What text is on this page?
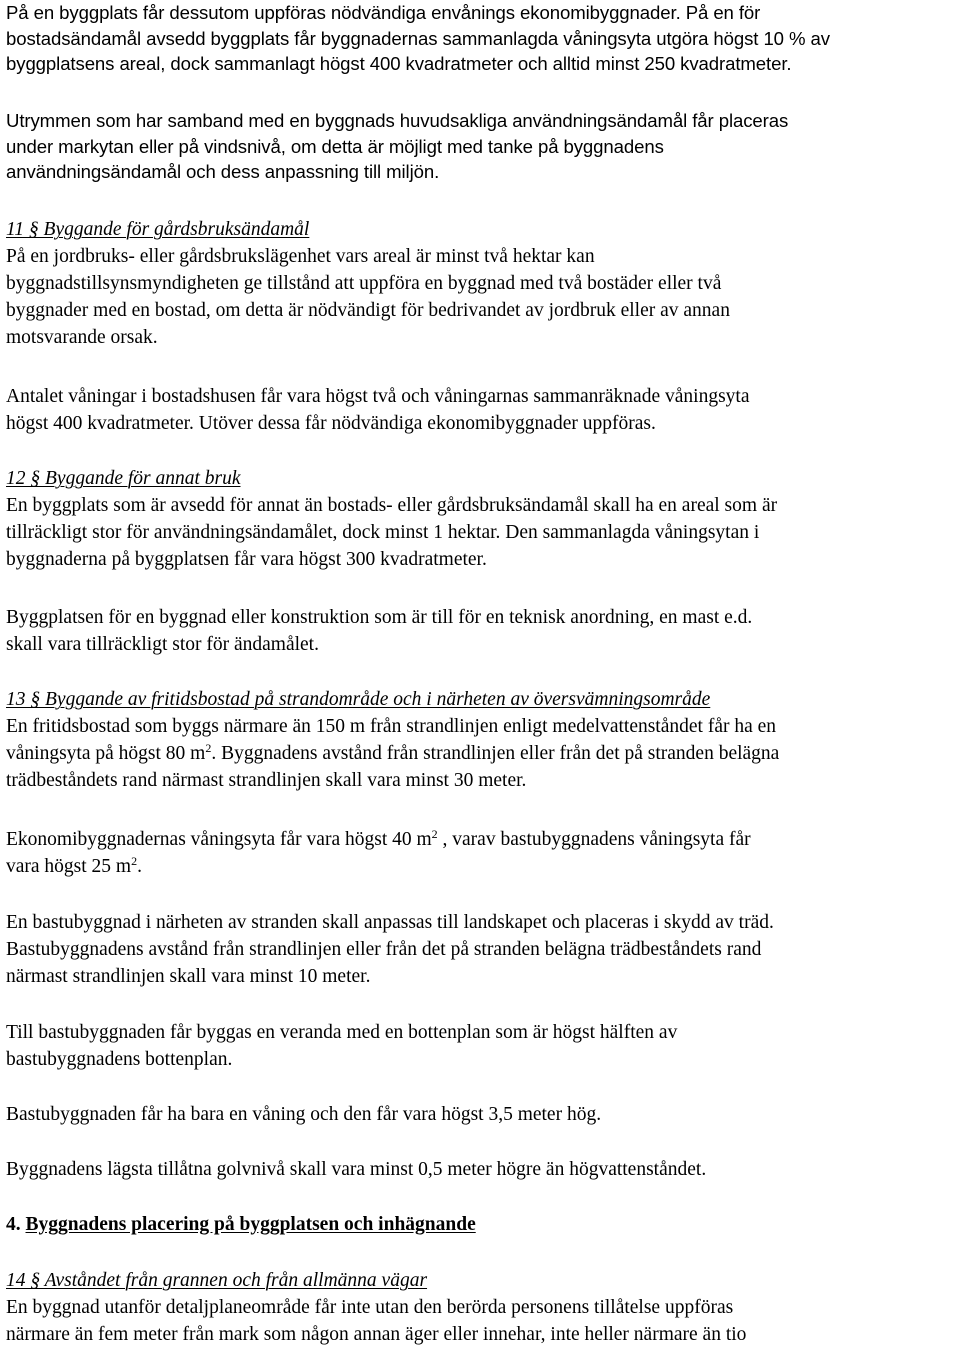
På en byggplats får dessutom uppföras nödvändiga envånings ekonomibyggnader. På en för
bostadsändamål avsedd byggplats får byggnadernas sammanlagda våningsyta utgöra högst 10 % av
byggplatsens areal, dock sammanlagt högst 400 kvadratmeter och alltid minst 250 kvadratmeter.

Utrymmen som har samband med en byggnads huvudsakliga användningsändamål får placeras
under markytan eller på vindsnivå, om detta är möjligt med tanke på byggnadens
användningsändamål och dess anpassning till miljön.

11 § Byggande för gårdsbruksändamål
På en jordbruks- eller gårdsbrukslägenhet vars areal är minst två hektar kan
byggnadstillsynsmyndigheten ge tillstånd att uppföra en byggnad med två bostäder eller två
byggnader med en bostad, om detta är nödvändigt för bedrivandet av jordbruk eller av annan
motsvarande orsak.
Antalet våningar i bostadshusen får vara högst två och våningarnas sammanräknade våningsyta
högst 400 kvadratmeter. Utöver dessa får nödvändiga ekonomibyggnader uppföras.
12 § Byggande för annat bruk
En byggplats som är avsedd för annat än bostads- eller gårdsbruksändamål skall ha en areal som är
tillräckligt stor för användningsändamålet, dock minst 1 hektar. Den sammanlagda våningsytan i
byggnaderna på byggplatsen får vara högst 300 kvadratmeter.
Byggplatsen för en byggnad eller konstruktion som är till för en teknisk anordning, en mast e.d.
skall vara tillräckligt stor för ändamålet.
13 § Byggande av fritidsbostad på strandområde och i närheten av översvämningsområde
En fritidsbostad som byggs närmare än 150 m från strandlinjen enligt medelvattenståndet får ha en
våningsyta på högst 80 $m^2$. Byggnadens avstånd från strandlinjen eller från det på stranden belägna
trädbeståndets rand närmast strandlinjen skall vara minst 30 meter.
Ekonomibyggnadernas våningsyta får vara högst 40 $m^2$ , varav bastubyggnadens våningsyta får
vara högst 25 $m^2$.
En bastubyggnad i närheten av stranden skall anpassas till landskapet och placeras i skydd av träd.
Bastubyggnadens avstånd från strandlinjen eller från det på stranden belägna trädbeståndets rand
närmast strandlinjen skall vara minst 10 meter.
Till bastubyggnaden får byggas en veranda med en bottenplan som är högst hälften av
bastubyggnadens bottenplan.
Bastubyggnaden får ha bara en våning och den får vara högst 3,5 meter hög.
Byggnadens lägsta tillåtna golvnivå skall vara minst 0,5 meter högre än högvattenståndet.
4. Byggnadens placering på byggplatsen och inhägnande
14 § Avståndet från grannen och från allmänna vägar
En byggnad utanför detaljplaneområde får inte utan den berörda personens tillåtelse uppföras
närmare än fem meter från mark som någon annan äger eller innehar, inte heller närmare än tio
